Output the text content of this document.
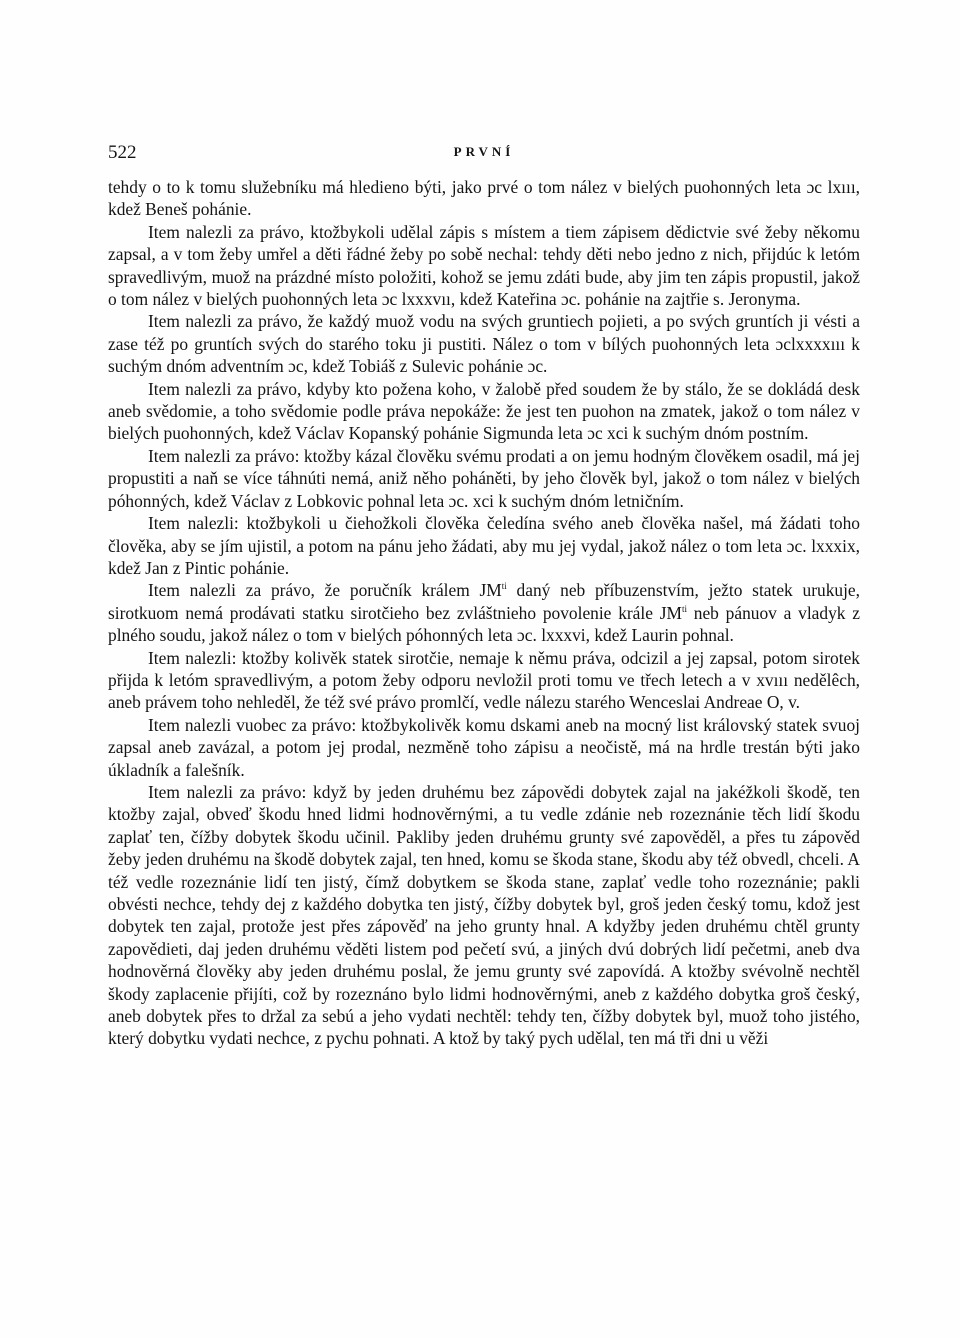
522	PRVNÍ

tehdy o to k tomu služebníku má hledieno býti, jako prvé o tom nález v bielých puohonných leta ɔc lxııı, kdež Beneš pohánie.

Item nalezli za právo, ktožbykoli udělal zápis s místem a tiem zápisem dědictvie své žeby někomu zapsal, a v tom žeby umřel a děti řádné žeby po sobě nechal: tehdy děti nebo jedno z nich, přijdúc k letóm spravedlivým, muož na prázdné místo položiti, kohož se jemu zdáti bude, aby jim ten zápis propustil, jakož o tom nález v bielých puohonných leta ɔc lxxxvıı, kdež Kateřina ɔc. pohánie na zajtřie s. Jeronyma.

Item nalezli za právo, že každý muož vodu na svých gruntiech pojieti, a po svých gruntích ji vésti a zase též po gruntích svých do starého toku ji pustiti. Nález o tom v bílých puohonných leta ɔclxxxxııı k suchým dnóm adventním ɔc, kdež Tobiáš z Sulevic pohánie ɔc.

Item nalezli za právo, kdyby kto požena koho, v žalobě před soudem že by stálo, že se dokládá desk aneb svědomie, a toho svědomie podle práva nepokáže: že jest ten puohon na zmatek, jakož o tom nález v bielých puohonných, kdež Václav Kopanský pohánie Sigmunda leta ɔc xci k suchým dnóm postním.

Item nalezli za právo: ktožby kázal člověku svému prodati a on jemu hodným člověkem osadil, má jej propustiti a naň se více táhnúti nemá, aniž něho poháněti, by jeho člověk byl, jakož o tom nález v bielých póhonných, kdež Václav z Lobkovic pohnal leta ɔc. xci k suchým dnóm letničním.

Item nalezli: ktožbykoli u čiehožkoli člověka čeledína svého aneb člověka našel, má žádati toho člověka, aby se jím ujistil, a potom na pánu jeho žádati, aby mu jej vydal, jakož nález o tom leta ɔc. lxxxix, kdež Jan z Pintic pohánie.

Item nalezli za právo, že poručník králem $JM^{ti}$ daný neb příbuzenstvím, ježto statek urukuje, sirotkuom nemá prodávati statku sirotčieho bez zvláštnieho povolenie krále $JM^{ti}$ neb pánuov a vladyk z plného soudu, jakož nález o tom v bielých póhonných leta ɔc. lxxxvi, kdež Laurin pohnal.

Item nalezli: ktožby kolivěk statek sirotčie, nemaje k němu práva, odcizil a jej zapsal, potom sirotek přijda k letóm spravedlivým, a potom žeby odporu nevložil proti tomu ve třech letech a v xvııı nedělêch, aneb právem toho nehleděl, že též své právo promlčí, vedle nálezu starého Wenceslai Andreae O, v.

Item nalezli vuobec za právo: ktožbykolivěk komu dskami aneb na mocný list královský statek svuoj zapsal aneb zavázal, a potom jej prodal, nezměně toho zápisu a neočistě, má na hrdle trestán býti jako úkladník a falešník.

Item nalezli za právo: když by jeden druhému bez zápovědi dobytek zajal na jakéžkoli škodě, ten ktožby zajal, obveď škodu hned lidmi hodnověrnými, a tu vedle zdánie neb rozeznánie těch lidí škodu zaplať ten, čížby dobytek škodu učinil. Pakliby jeden druhému grunty své zapověděl, a přes tu zápověd žeby jeden druhému na škodě dobytek zajal, ten hned, komu se škoda stane, škodu aby též obvedl, chceli. A též vedle rozeznánie lidí ten jistý, čímž dobytkem se škoda stane, zaplať vedle toho rozeznánie; pakli obvésti nechce, tehdy dej z každého dobytka ten jistý, čížby dobytek byl, groš jeden český tomu, kdož jest dobytek ten zajal, protože jest přes zápověď na jeho grunty hnal. A kdyžby jeden druhému chtěl grunty zapovědieti, daj jeden druhému věděti listem pod pečetí svú, a jiných dvú dobrých lidí pečetmi, aneb dva hodnověrná člověky aby jeden druhému poslal, že jemu grunty své zapovídá. A ktožby svévolně nechtěl škody zaplacenie přijíti, což by rozeznáno bylo lidmi hodnověrnými, aneb z každého dobytka groš český, aneb dobytek přes to držal za sebú a jeho vydati nechtěl: tehdy ten, čížby dobytek byl, muož toho jistého, který dobytku vydati nechce, z pychu pohnati. A ktož by taký pych udělal, ten má tři dni u věži
